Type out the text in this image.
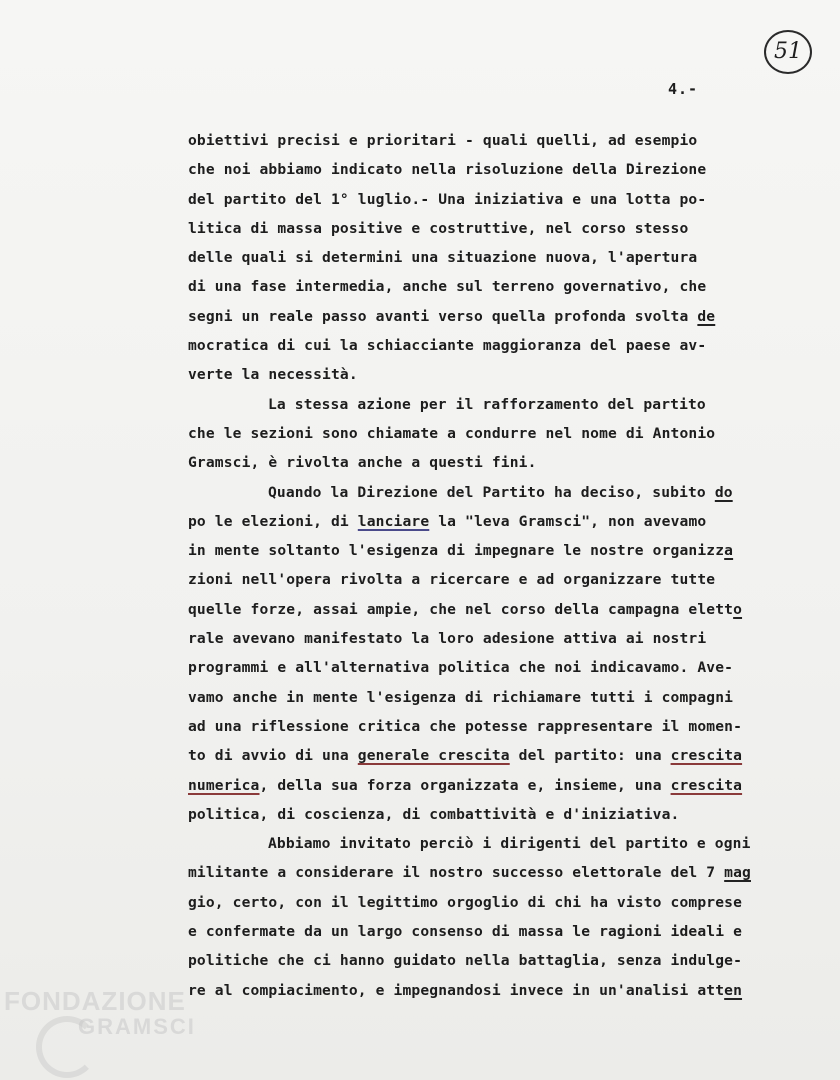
51
4.-
obiettivi precisi e prioritari - quali quelli, ad esempio
che noi abbiamo indicato nella risoluzione della Direzione
del partito del 1° luglio.- Una iniziativa e una lotta po-
litica di massa positive e costruttive, nel corso stesso
delle quali si determini una situazione nuova, l'apertura
di una fase intermedia, anche sul terreno governativo, che
segni un reale passo avanti verso quella profonda svolta de
mocratica di cui la schiacciante maggioranza del paese av-
verte la necessità.
La stessa azione per il rafforzamento del partito
che le sezioni sono chiamate a condurre nel nome di Antonio
Gramsci, è rivolta anche a questi fini.
Quando la Direzione del Partito ha deciso, subito do
po le elezioni, di lanciare la "leva Gramsci", non avevamo
in mente soltanto l'esigenza di impegnare le nostre organizza
zioni nell'opera rivolta a ricercare e ad organizzare tutte
quelle forze, assai ampie, che nel corso della campagna eletto
rale avevano manifestato la loro adesione attiva ai nostri
programmi e all'alternativa politica che noi indicavamo. Ave-
vamo anche in mente l'esigenza di richiamare tutti i compagni
ad una riflessione critica che potesse rappresentare il momen-
to di avvio di una generale crescita del partito: una crescita
numerica, della sua forza organizzata e, insieme, una crescita
politica, di coscienza, di combattività e d'iniziativa.
Abbiamo invitato perciò i dirigenti del partito e ogni
militante a considerare il nostro successo elettorale del 7 mag
gio, certo, con il legittimo orgoglio di chi ha visto comprese
e confermate da un largo consenso di massa le ragioni ideali e
politiche che ci hanno guidato nella battaglia, senza indulge-
re al compiacimento, e impegnandosi invece in un'analisi atten
FONDAZIONE
GRAMSCI
